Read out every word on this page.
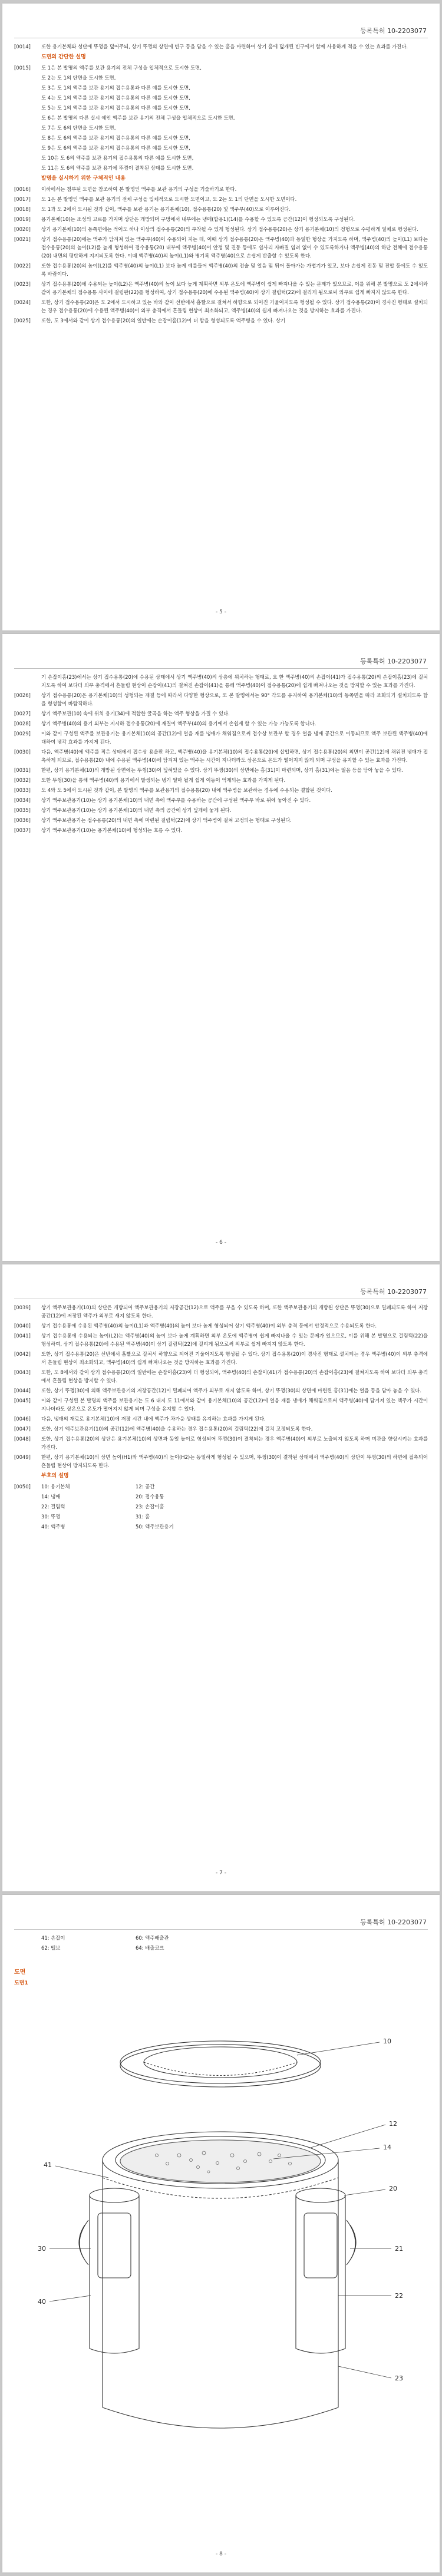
등록특허 10-2203077
[0014]	또한 용기본체와 성단에 뚜껑을 덮어주되, 상기 뚜껑의 상면에 빈구 등을 담을 수 있는 홈을 마련하여 상기 홈에 덮개된 빈구에서 함께 사용하게 적을 수 있는 효과를 가진다.
도면의 간단한 설명
[0015]	도 1은 본 발명의 액주를 보관 용기의 전체 구성을 입체적으로 도시한 도면,
도 2는 도 1의 단면을 도시한 도면,
도 3은 도 1의 액주를 보관 용기의 접수용통과 다른 예를 도시한 도면,
도 4는 도 1의 액주를 보관 용기의 접수용통의 다른 예를 도시한 도면,
도 5는 도 1의 액주를 보관 용기의 접수용통의 다른 예를 도시한 도면,
도 6은 본 발명의 다른 실시 예인 액주를 보관 용기의 전체 구성을 입체적으로 도시한 도면,
도 7은 도 6의 단면을 도시한 도면,
도 8은 도 6의 액주를 보관 용기의 접수용통의 다른 예를 도시한 도면,
도 9은 도 6의 액주를 보관 용기의 접수용통의 다른 예를 도시한 도면,
도 10은 도 6의 액주를 보관 용기의 접수용통의 다른 예를 도시한 도면,
도 11은 도 6의 액주를 보관 용기에 뚜껑이 결착된 상태를 도시한 도면.
발명을 실시하기 위한 구체적인 내용
[0016]	이하에서는 첨부된 도면을 참조하여 본 발명인 액주를 보관 용기의 구성을 기술하기로 한다.
[0017]	도 1은 본 발명인 액주를 보관 용기의 전체 구성을 입체적으로 도시한 도면이고, 도 2는 도 1의 단면을 도시한 도면이다.
[0018]	도 1과 도 2에서 도시된 것과 같이, 액주를 보관 용기는 용기본체(10), 접수용통(20) 및 액주부(40)으로 이루어진다.
[0019]	용기본체(10)는 조성의 고르를 가지며 상단은 개방되며 구멍에서 내부에는 냉매(합용1)(14)를 수용할 수 있도록 공간(12)이 형성되도록 구성된다.
[0020]	상기 용기본체(10)의 동쪽면에는 적어도 하나 이상의 접수용통(20)의 부착될 수 있게 형성된다. 상기 접수용통(20)은 상기 용기본체(10)의 정형으로 수평하게 일체로 형성된다.
[0021]	상기 접수용통(20)에는 액주가 담겨져 있는 액주부(40)이 수용되어 지는 데, 이때 상기 접수용통(20)은 액주병(40)과 동일한 형상을 가지도록 하며, 액주병(40)의 높이(L1) 보다는 접수용통(20)의 높이(L2)를 높게 형성하여 접수용통(20) 내부에 액주병(40)이 안정 및 진동 등에도 쉽사리 자빠질 염려 없이 수 있도록하거나 액주병(40)의 하단 전체에 접수용통(20) 내면의 평탄하게 지지되도록 한다. 이때 액주병(40)의 높이(L1)와 병기록 액주병(40)으로 손쉽게 반출할 수 있도록 한다.
[0022]	또한 접수용통(20)의 높이(L2)를 액주병(40)의 높이(L1) 보다 높게 예를들어 액주병(40)의 전술 및 얼음 및 튀어 돌아가는 가볍기가 있고, 보다 손쉽게 진동 및 진압 등에도 수 있도록 바람이다.
[0023]	상기 접수용통(20)에 수용되는 높이(L2)은 액주병(40)의 높이 보다 높게 계획하면 외부 온도에 액주병이 쉽게 빠져나올 수 있는 문제가 있으므로, 이를 위해 본 발명으로 도 2에서와 같이 용기본체의 접수용통 사이에 걸림판(22)를 형성하여, 상기 접수용통(20)에 수용된 액주병(40)이 상기 걸림턱(22)에 걸리게 됨으로써 외부로 쉽게 빠지지 않도록 한다.
[0024]	또한, 상기 접수용통(20)은 도 2에서 도시하고 있는 바와 같이 선반에서 흠빨으로 걸쳐서 하향으로 되어진 기울어지도록 형성될 수 있다. 상기 접수용통(20)이 경사진 형태로 설치되는 경우 접수용통(20)에 수용된 액주병(40)이 외부 충격에서 흔들림 현상이 최소화되고, 액주병(40)의 쉽게 빠져나오는 것을 방지하는 효과를 가진다.
[0025]	또한, 도 3에서와 같이 상기 접수용통(20)의 일반에는 손잡이홈(12)이 더 함을 형성되도록 액주병을 수 있다. 상기
- 5 -
등록특허 10-2203077
기 손잡이홈(23)에서는 상기 접수용통(20)에 수용된 상태에서 상기 액주병(40)의 상층에 위치하는 형태로, 요 한 액주병(40)의 손잡이(41)가 접수용통(20)의 손잡이홈(23)에 걸쳐지도록 하여 보다더 외부 충격에서 흔들림 현상이 손잡이(41)의 걸쳐진 손잡이(41)을 통해 액주병(40)이 접수용통(20)에 쉽게 빠져나오는 것을 방지할 수 있는 효과를 가진다.
[0026]	상기 접수용통(20)은 용기본체(10)의 성형되는 재질 등에 따라서 다양한 형상으로, 또 본 발명에서는 90° 각도를 유지하여 용기본체(10)의 동쪽면을 따라 조화되기 설치되도록 함을 형성함이 바람직하다.
[0027]	상기 액주보관(10) 속에 위치 용기(34)에 적합한 굴곡을 하는 액주 형상을 가질 수 있다.
[0028]	상기 액주병(40)의 용기 외부는 지시하 접수용통(20)에 재질이 액주부(40)의 용기에서 손쉽게 할 수 있는 가능 가능도록 합니다.
[0029]	이와 같이 구성된 액주를 보관용기는 용기본체(10)의 공간(12)에 얼음 재를 냉매가 채워짐으로써 접수상 보관부 할 경우 얼음 냉매 공간으로 이동되므로 액주 보관된 액주병(40)에 대하여 냉각 효과를 가지게 된다.
[0030]	다음, 액주병(40)에 액주를 적은 상태에서 접수상 용을판 하고, 액주병(40)을 용기본체(10)의 접수용통(20)에 삽입하면, 상기 접수용통(20)의 외면이 공간(12)에 채워진 냉매가 접촉하게 되므로, 접수용통(20) 내에 수용된 액주병(40)에 담겨져 있는 액주는 시간이 지나더라도 상온으로 온도가 떨어지지 않게 되며 구성을 유지할 수 있는 효과를 가진다.
[0031]	한편, 상기 용기본체(10)의 개방된 상면에는 뚜껑(30)이 덮혀있을 수 있다. 상기 뚜껑(30)의 상면에는 홈(31)이 마련되며, 상기 홈(31)에는 얼음 등을 담아 놓을 수 있다.
[0032]	또한 뚜껑(30)을 통해 액주병(40)의 용기에서 발생되는 냉기 얼마 될게 쉽게 이동이 억제되는 효과를 가지게 된다.
[0033]	도 4와 도 5에서 도시된 것과 같이, 본 발명의 액주를 보관용기의 접수용통(20) 내에 액주병을 보관하는 경우에 수용되는 결합된 것이다.
[0034]	상기 액주보관용기(10)는 상기 용기본체(10)의 내면 측에 액주부를 수용하는 공간에 구성된 액주부 바로 위에 놓아진 수 있다.
[0035]	상기 액주보관용기(10)는 상기 용기본체(10)의 내면 측의 공간에 상기 덮개에 놓게 된다.
[0036]	상기 액주보관용기는 접수용통(20)의 내면 측에 마련된 걸림턱(22)에 상기 액주병이 걸쳐 고정되는 형태로 구성된다.
[0037]	상기 액주보관용기(10)는 용기본체(10)에 형성되는 흐름 수 있다.
- 6 -
등록특허 10-2203077
[0039]	상기 액주보관용기(10)의 상단은 개방되어 액주보관용기의 저장공간(12)으로 액주를 부을 수 있도록 하며, 또한 액주보관용기의 개방된 상단은 뚜껑(30)으로 밀폐되도록 하여 저장공간(12)에 저장된 액주가 외부로 새지 않도록 한다.
[0040]	상기 접수용통에 수용된 액주병(40)의 높이(L1)과 액주병(40)의 높이 보다 높게 형성되어 상기 액주병(40)이 외부 충격 등에서 안정적으로 수용되도록 한다.
[0041]	상기 접수용통에 수용되는 높이(L2)는 액주병(40)의 높이 보다 높게 계획하면 외부 온도에 액주병이 쉽게 빠져나올 수 있는 문제가 있으므로, 이를 위해 본 발명으로 걸림턱(22)을 형성하여, 상기 접수용통(20)에 수용된 액주병(40)이 상기 걸림턱(22)에 걸리게 됨으로써 외부로 쉽게 빠지지 않도록 한다.
[0042]	또한, 상기 접수용통(20)은 선반에서 흠빨으로 걸쳐서 하향으로 되어진 기울어지도록 형성될 수 있다. 상기 접수용통(20)이 경사진 형태로 설치되는 경우 액주병(40)이 외부 충격에서 흔들림 현상이 최소화되고, 액주병(40)의 쉽게 빠져나오는 것을 방지하는 효과를 가진다.
[0043]	또한, 도 8에서와 같이 상기 접수용통(20)의 일반에는 손잡이홈(23)이 더 형성되어, 액주병(40)의 손잡이(41)가 접수용통(20)의 손잡이홈(23)에 걸쳐지도록 하여 보다더 외부 충격에서 흔들림 현상을 방지할 수 있다.
[0044]	또한, 상기 뚜껑(30)에 의해 액주보관용기의 저장공간(12)이 밀폐되어 액주가 외부로 새지 않도록 하며, 상기 뚜껑(30)의 상면에 마련된 홈(31)에는 얼음 등을 담아 놓을 수 있다.
[0045]	이와 같이 구성된 본 발명의 액주를 보관용기는 도 6 내지 도 11에서와 같이 용기본체(10)의 공간(12)에 얼음 재를 냉매가 채워짐으로써 액주병(40)에 담겨져 있는 액주가 시간이 지나더라도 상온으로 온도가 떨어지지 않게 되며 구성을 유지할 수 있다.
[0046]	다음, 냉매의 재료로 용기본체(10)에 저장 시간 내에 액주가 차가운 상태를 유지하는 효과를 가지게 된다.
[0047]	또한, 상기 액주보관용기(10)의 공간(12)에 액주병(40)을 수용하는 경우 접수용통(20)의 걸림턱(22)에 걸쳐 고정되도록 한다.
[0048]	또한, 상기 접수용통(20)의 상단은 용기본체(10)의 상면과 동일 높이로 형성되어 뚜껑(30)이 결착되는 경우 액주병(40)이 외부로 노출되지 않도록 하며 미관을 향상시키는 효과를 가진다.
[0049]	한편, 상기 용기본체(10)의 상면 높이(H1)와 액주병(40)의 높이(H2)는 동일하게 형성될 수 있으며, 뚜껑(30)이 결착된 상태에서 액주병(40)의 상단이 뚜껑(30)의 하면에 접촉되어 흔들림 현상이 방지되도록 한다.
부호의 설명
[0050]	10: 용기본체	12: 공간
14: 냉매	20: 접수용통
22: 걸림턱	23: 손잡이홈
30: 뚜껑	31: 홈
40: 액주병	50: 액주보관용기
- 7 -
등록특허 10-2203077
41: 손잡이	60: 액주배출관
62: 밸브	64: 배출코크
도면
도면1
10
12
14
20
21
22
23
30
40
41
- 8 -
